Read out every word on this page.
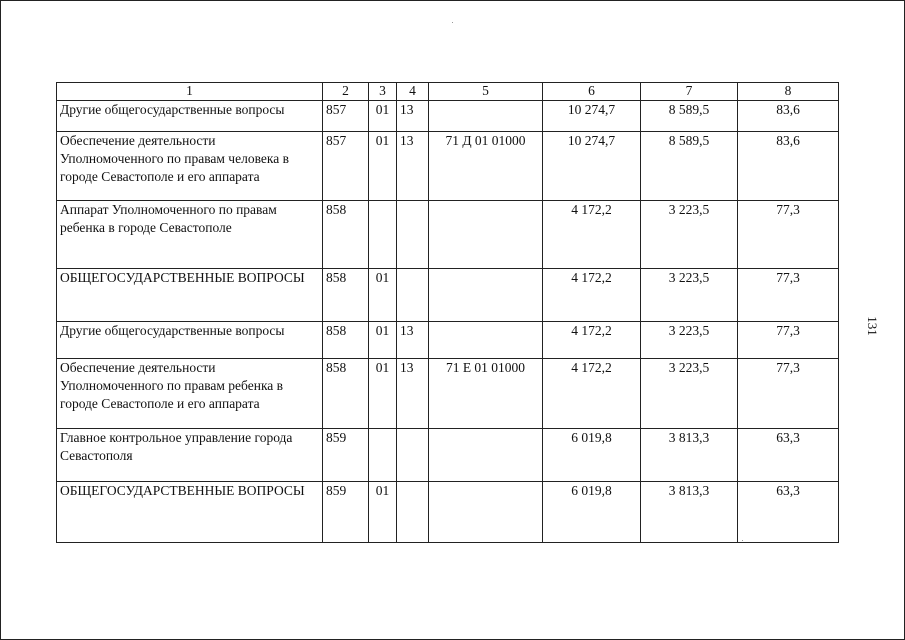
1	2	3	4	5	6	7	8
Другие общегосударственные вопросы	857	01	13		10 274,7	8 589,5	83,6
Обеспечение деятельности Уполномоченного по правам человека в городе Севастополе и его аппарата	857	01	13	71 Д 01 01000	10 274,7	8 589,5	83,6
Аппарат Уполномоченного по правам ребенка в городе Севастополе	858				4 172,2	3 223,5	77,3
ОБЩЕГОСУДАРСТВЕННЫЕ ВОПРОСЫ	858	01			4 172,2	3 223,5	77,3
Другие общегосударственные вопросы	858	01	13		4 172,2	3 223,5	77,3
Обеспечение деятельности Уполномоченного по правам ребенка в городе Севастополе и его аппарата	858	01	13	71 Е 01 01000	4 172,2	3 223,5	77,3
Главное контрольное управление города Севастополя	859				6 019,8	3 813,3	63,3
ОБЩЕГОСУДАРСТВЕННЫЕ ВОПРОСЫ	859	01			6 019,8	3 813,3	63,3
131
